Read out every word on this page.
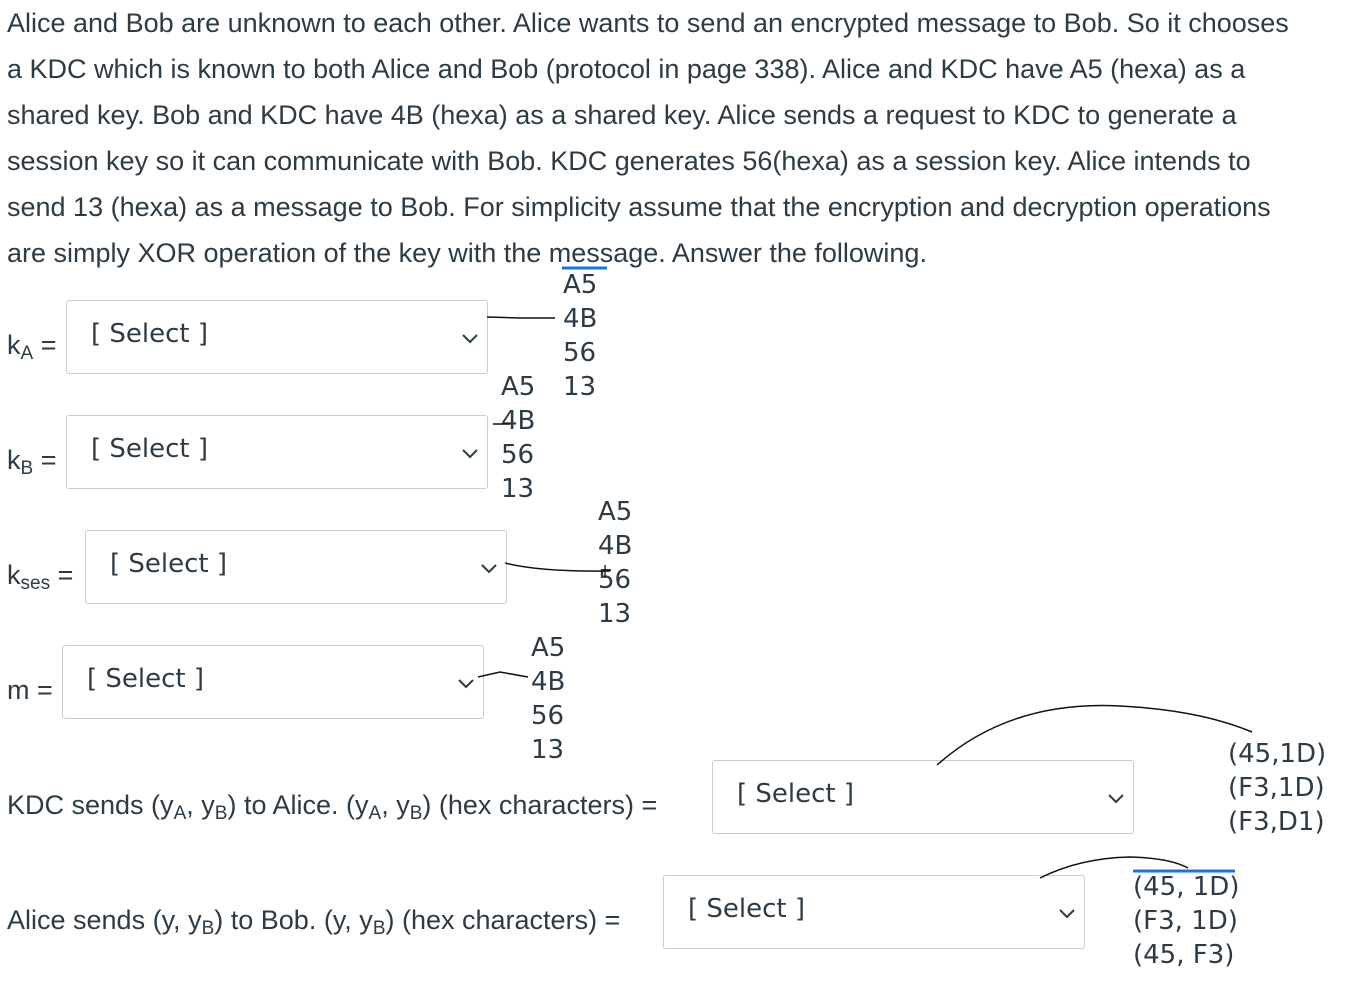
Alice and Bob are unknown to each other. Alice wants to send an encrypted message to Bob. So it chooses

a KDC which is known to both Alice and Bob (protocol in page 338). Alice and KDC have A5 (hexa) as a

shared key. Bob and KDC have 4B (hexa) as a shared key. Alice sends a request to KDC to generate a

session key so it can communicate with Bob. KDC generates 56(hexa) as a session key. Alice intends to

send 13 (hexa) as a message to Bob. For simplicity assume that the encryption and decryption operations

are simply XOR operation of the key with the message. Answer the following.

$k_A$ = [ Select ]
$k_B$ = [ Select ]
$k_{ses}$ = [ Select ]
m = [ Select ]
KDC sends ($y_A$, $y_B$) to Alice. ($y_A$, $y_B$) (hex characters) =	[ Select ]
Alice sends (y, $y_B$) to Bob. (y, $y_B$) (hex characters) =	[ Select ]
A5
4B
56
13
A5
4B
56
13
A5
4B
56
13
A5
4B
56
13	(45,1D)
(F3,1D)
(F3,D1)
(45, 1D)
(F3, 1D)
(45, F3)
